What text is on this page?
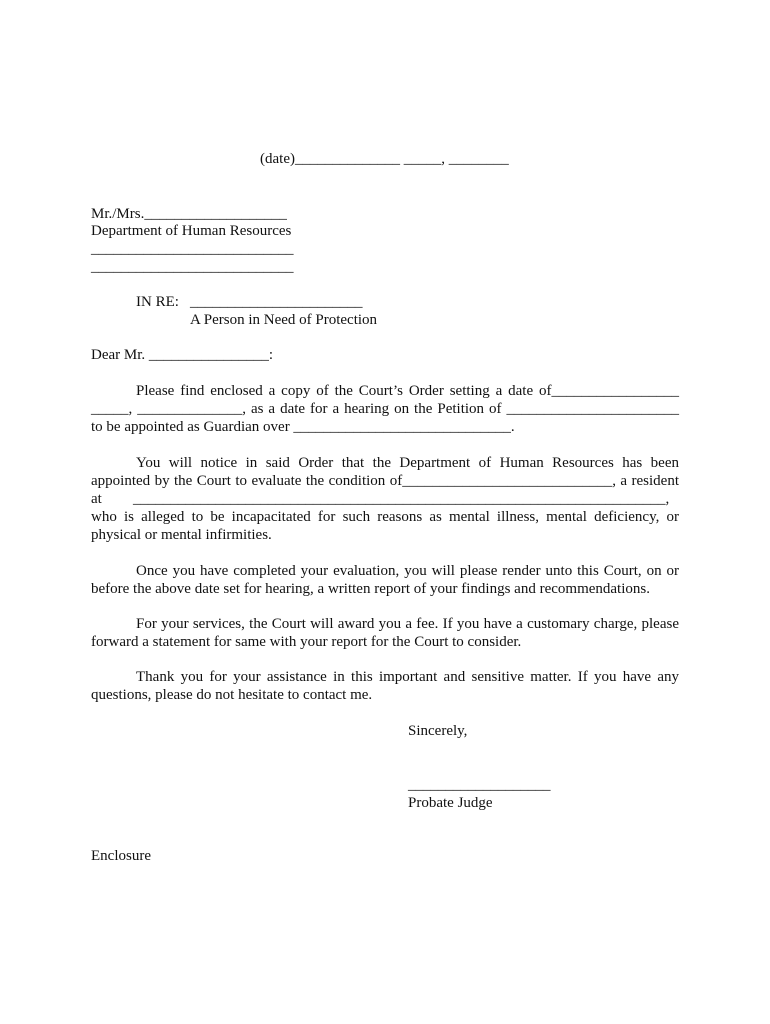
(date)______________ _____, ________
Mr./Mrs.___________________
Department of Human Resources
___________________________
___________________________
IN RE: _______________________
A Person in Need of Protection
Dear Mr. ________________:
Please find enclosed a copy of the Court’s Order setting a date of_________________
_____, ______________, as a date for a hearing on the Petition of _______________________
to be appointed as Guardian over _____________________________.
You will notice in said Order that the Department of Human Resources has been
appointed by the Court to evaluate the condition of____________________________, a resident
at _______________________________________________________________________,
who is alleged to be incapacitated for such reasons as mental illness, mental deficiency, or
physical or mental infirmities.
Once you have completed your evaluation, you will please render unto this Court, on or
before the above date set for hearing, a written report of your findings and recommendations.
For your services, the Court will award you a fee. If you have a customary charge, please
forward a statement for same with your report for the Court to consider.
Thank you for your assistance in this important and sensitive matter. If you have any
questions, please do not hesitate to contact me.
Sincerely,
___________________
Probate Judge
Enclosure
